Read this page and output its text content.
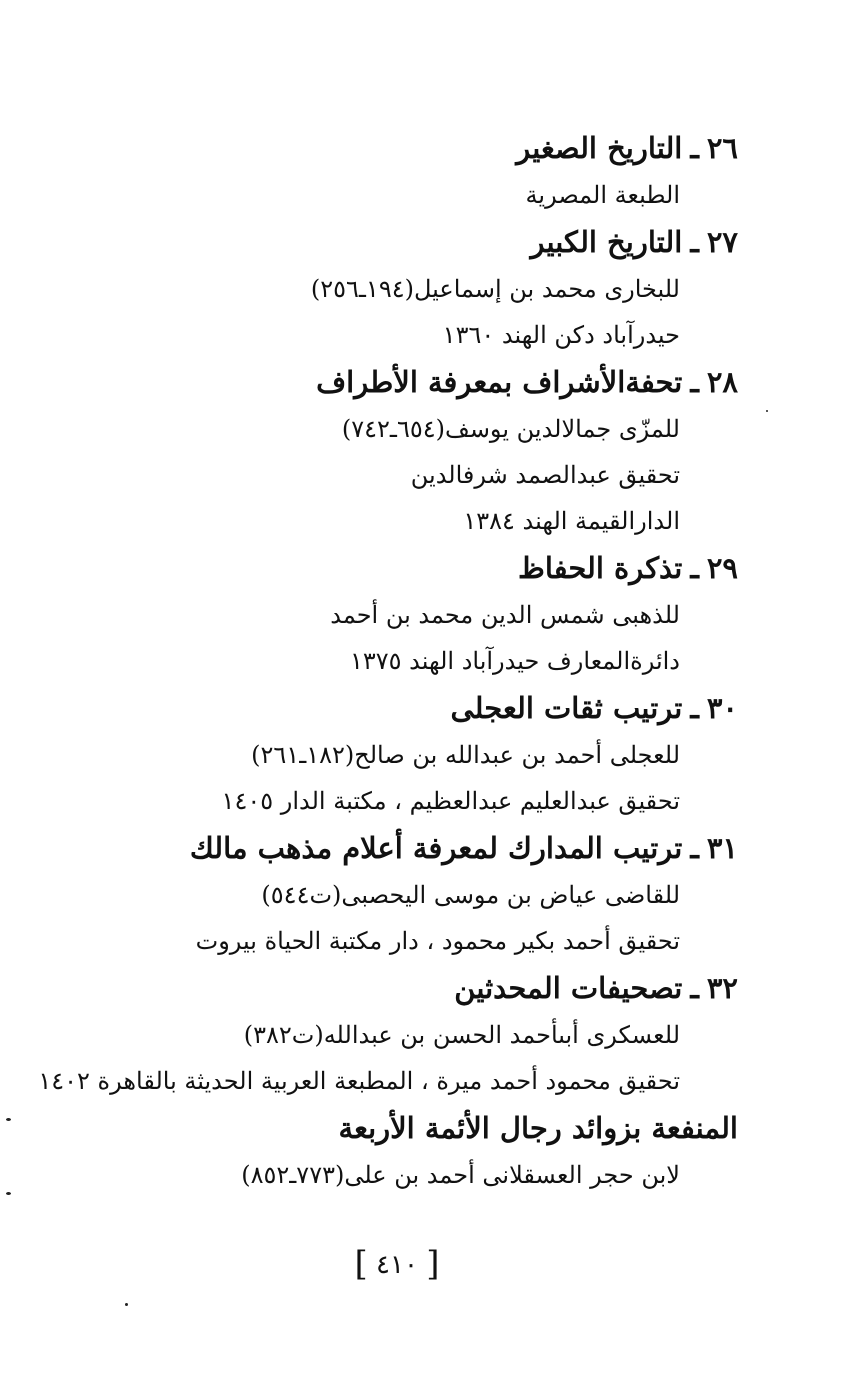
٢٦ـالتاريخ الصغير
الطبعة المصرية
٢٧ـالتاريخ الكبير
للبخارى محمد بن إسماعيل(١٩٤ـ٢٥٦)
حيدرآباد دكن الهند ١٣٦٠
٢٨ـتحفةالأشراف بمعرفة الأطراف
للمزّى جمالالدين يوسف(٦٥٤ـ٧٤٢)
تحقيق عبدالصمد شرفالدين
الدارالقيمة الهند ١٣٨٤
٢٩ـتذكرة الحفاظ
للذهبى شمس الدين محمد بن أحمد
دائرةالمعارف حيدرآباد الهند ١٣٧٥
٣٠ـترتيب ثقات العجلى
للعجلى أحمد بن عبدالله بن صالح(١٨٢ـ٢٦١)
تحقيق عبدالعليم عبدالعظيم ، مكتبة الدار ١٤٠٥
٣١ـترتيب المدارك لمعرفة أعلام مذهب مالك
للقاضى عياض بن موسى اليحصبى(ت٥٤٤)
تحقيق أحمد بكير محمود ، دار مكتبة الحياة بيروت
٣٢ـتصحيفات المحدثين
للعسكرى أبىأحمد الحسن بن عبدالله(ت٣٨٢)
تحقيق محمود أحمد ميرة ، المطبعة العربية الحديثة بالقاهرة ١٤٠٢
المنفعة بزوائد رجال الأئمة الأربعة
لابن حجر العسقلانى أحمد بن على(٧٧٣ـ٨٥٢)
[ ٤١٠ ]
